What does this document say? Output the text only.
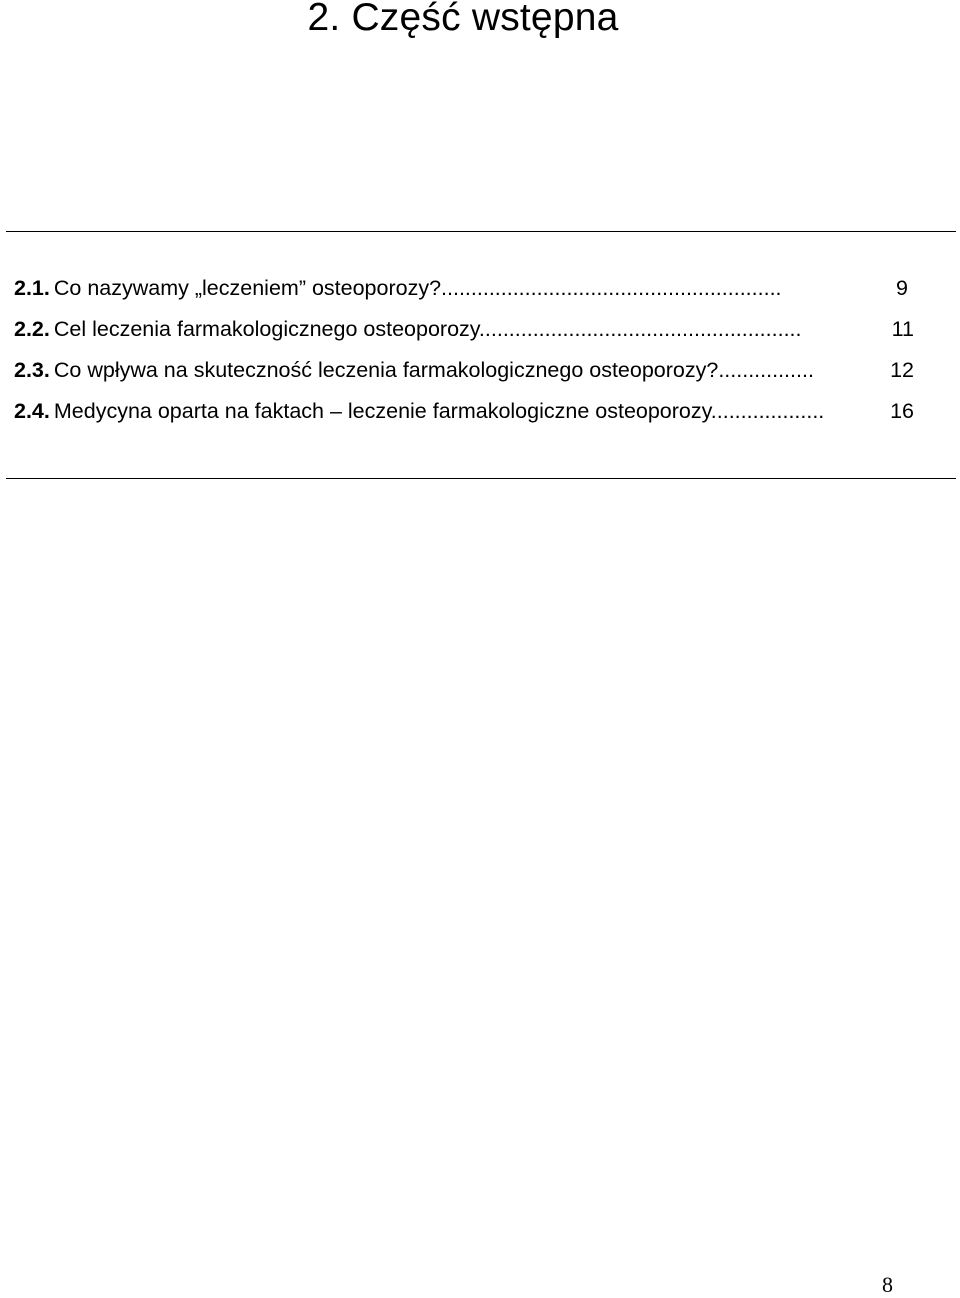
2. Część wstępna
2.1. Co nazywamy „leczeniem” osteoporozy?.........................................................	9
2.2. Cel leczenia farmakologicznego osteoporozy......................................................	11
2.3. Co wpływa na skuteczność leczenia farmakologicznego osteoporozy?................	12
2.4. Medycyna oparta na faktach – leczenie farmakologiczne osteoporozy...................	16
8
